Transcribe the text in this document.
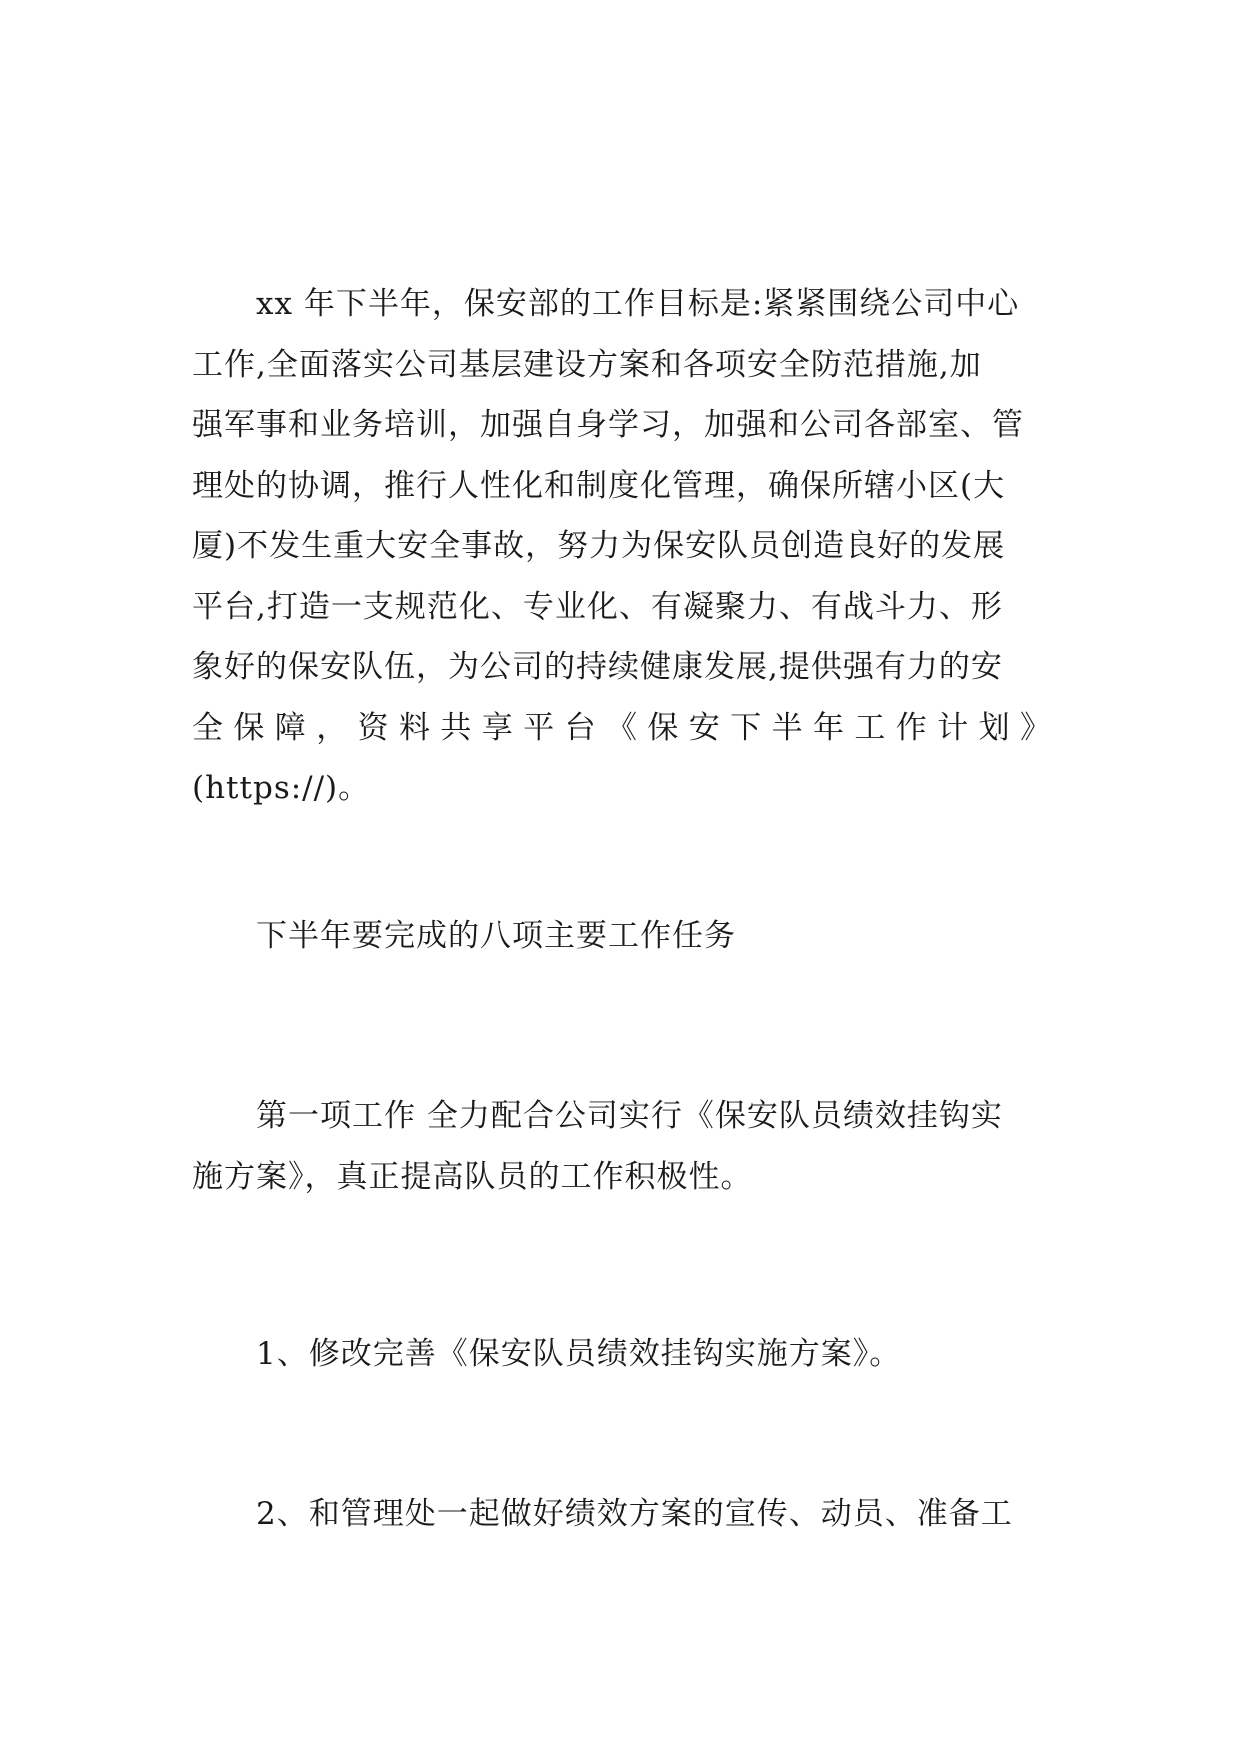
xx 年下半年，保安部的工作目标是:紧紧围绕公司中心
工作,全面落实公司基层建设方案和各项安全防范措施,加
强军事和业务培训，加强自身学习，加强和公司各部室、管
理处的协调，推行人性化和制度化管理，确保所辖小区(大
厦)不发生重大安全事故，努力为保安队员创造良好的发展
平台,打造一支规范化、专业化、有凝聚力、有战斗力、形
象好的保安队伍，为公司的持续健康发展,提供强有力的安
全保障，资料共享平台《保安下半年工作计划》
(https://)。
下半年要完成的八项主要工作任务
第一项工作 全力配合公司实行《保安队员绩效挂钩实
施方案》，真正提高队员的工作积极性。
1、修改完善《保安队员绩效挂钩实施方案》。
2、和管理处一起做好绩效方案的宣传、动员、准备工
